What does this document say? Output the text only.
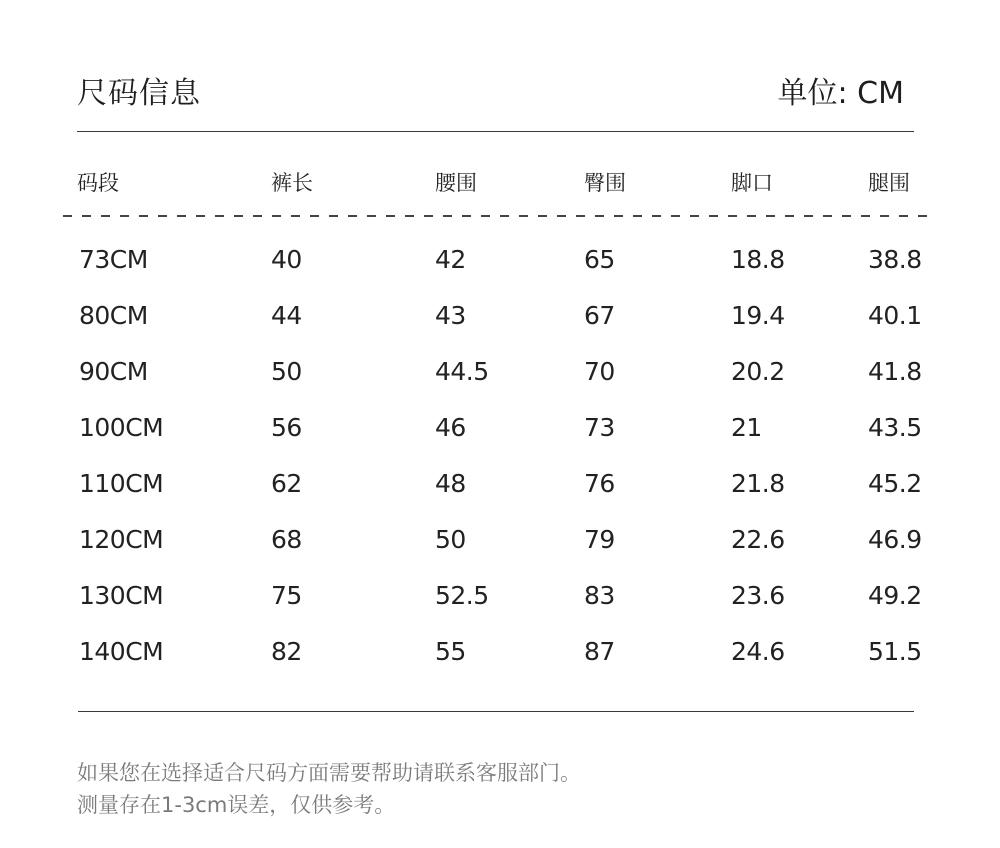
尺码信息	单位: CM
码段	裤长	腰围	臀围	脚口	腿围
73CM	40	42	65	18.8	38.8
80CM	44	43	67	19.4	40.1
90CM	50	44.5	70	20.2	41.8
100CM	56	46	73	21	43.5
110CM	62	48	76	21.8	45.2
120CM	68	50	79	22.6	46.9
130CM	75	52.5	83	23.6	49.2
140CM	82	55	87	24.6	51.5
如果您在选择适合尺码方面需要帮助请联系客服部门。
测量存在1-3cm误差，仅供参考。
